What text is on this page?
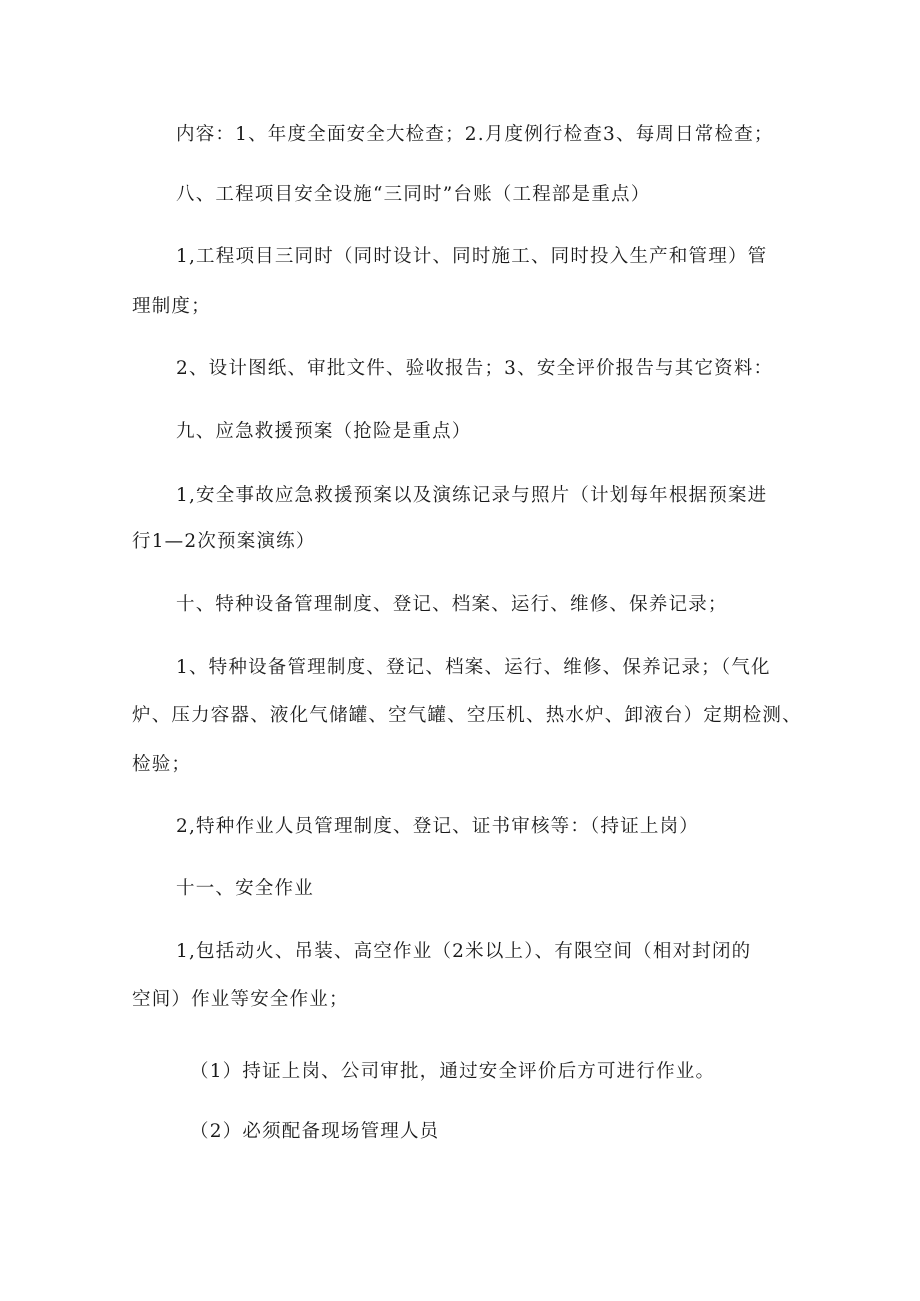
内容：1、年度全面安全大检查；2.月度例行检查3、每周日常检查；
八、工程项目安全设施“三同时”台账（工程部是重点）
1,工程项目三同时（同时设计、同时施工、同时投入生产和管理）管
理制度；
2、设计图纸、审批文件、验收报告；3、安全评价报告与其它资料：
九、应急救援预案（抢险是重点）
1,安全事故应急救援预案以及演练记录与照片（计划每年根据预案进
行1—2次预案演练）
十、特种设备管理制度、登记、档案、运行、维修、保养记录；
1、特种设备管理制度、登记、档案、运行、维修、保养记录；（气化
炉、压力容器、液化气储罐、空气罐、空压机、热水炉、卸液台）定期检测、
检验；
2,特种作业人员管理制度、登记、证书审核等：（持证上岗）
十一、安全作业
1,包括动火、吊装、高空作业（2米以上）、有限空间（相对封闭的
空间）作业等安全作业；
（1）持证上岗、公司审批，通过安全评价后方可进行作业。
（2）必须配备现场管理人员
